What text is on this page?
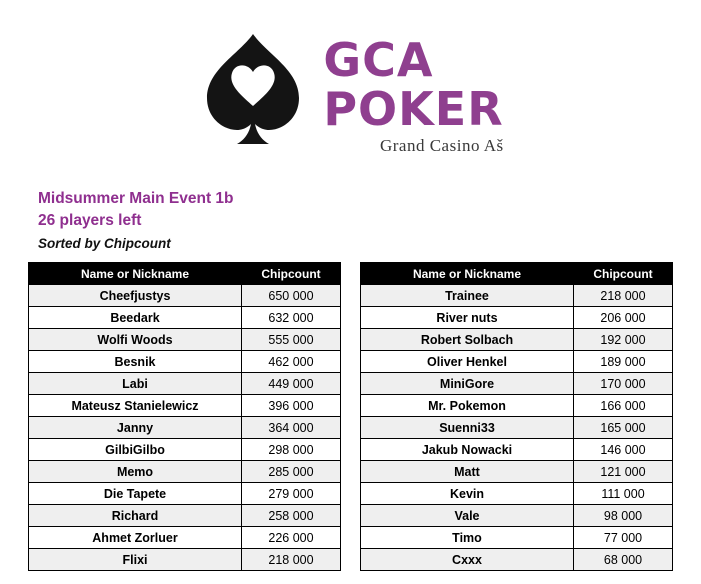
GCA
POKER
Grand Casino Aš
Midsummer Main Event 1b
26 players left
Sorted by Chipcount
Name or Nickname	Chipcount
Cheefjustys	650 000
Beedark	632 000
Wolfi Woods	555 000
Besnik	462 000
Labi	449 000
Mateusz Stanielewicz	396 000
Janny	364 000
GilbiGilbo	298 000
Memo	285 000
Die Tapete	279 000
Richard	258 000
Ahmet Zorluer	226 000
Flixi	218 000
Name or Nickname	Chipcount
Trainee	218 000
River nuts	206 000
Robert Solbach	192 000
Oliver Henkel	189 000
MiniGore	170 000
Mr. Pokemon	166 000
Suenni33	165 000
Jakub Nowacki	146 000
Matt	121 000
Kevin	111 000
Vale	98 000
Timo	77 000
Cxxx	68 000
